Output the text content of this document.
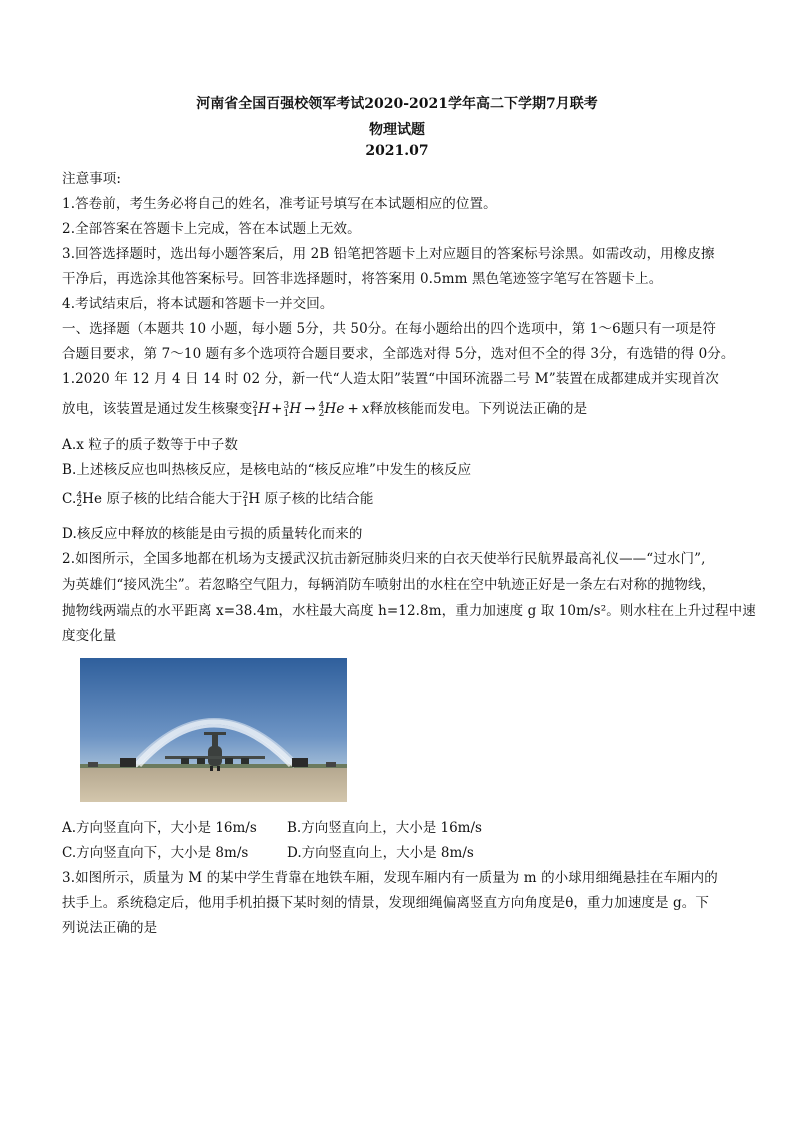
河南省全国百强校领军考试2020-2021学年高二下学期7月联考
物理试题
2021.07
注意事项:
1.答卷前，考生务必将自己的姓名，准考证号填写在本试题相应的位置。
2.全部答案在答题卡上完成，答在本试题上无效。
3.回答选择题时，选出每小题答案后，用 2B 铅笔把答题卡上对应题目的答案标号涂黑。如需改动，用橡皮擦
干净后，再选涂其他答案标号。回答非选择题时，将答案用 0.5mm 黑色笔迹签字笔写在答题卡上。
4.考试结束后，将本试题和答题卡一并交回。
一、选择题（本题共 10 小题，每小题 5分，共 50分。在每小题给出的四个选项中，第 1～6题只有一项是符
合题目要求，第 7～10 题有多个选项符合题目要求，全部选对得 5分，选对但不全的得 3分，有选错的得 0分。
1.2020 年 12 月 4 日 14 时 02 分，新一代“人造太阳”装置“中国环流器二号 M”装置在成都建成并实现首次
放电，该装置是通过发生核聚变2
1H+3
1H → 4
2He + x释放核能而发电。下列说法正确的是
A.x 粒子的质子数等于中子数
B.上述核反应也叫热核反应，是核电站的“核反应堆”中发生的核反应
C.4
2He 原子核的比结合能大于2
1H 原子核的比结合能
D.核反应中释放的核能是由亏损的质量转化而来的
2.如图所示，全国多地都在机场为支援武汉抗击新冠肺炎归来的白衣天使举行民航界最高礼仪——“过水门”,
为英雄们“接风洗尘”。若忽略空气阻力，每辆消防车喷射出的水柱在空中轨迹正好是一条左右对称的抛物线，
抛物线两端点的水平距离 x=38.4m，水柱最大高度 h=12.8m，重力加速度 g 取 10m/s²。则水柱在上升过程中速
度变化量
A.方向竖直向下，大小是 16m/s B.方向竖直向上，大小是 16m/s
C.方向竖直向下，大小是 8m/s	D.方向竖直向上，大小是 8m/s
3.如图所示，质量为 M 的某中学生背靠在地铁车厢，发现车厢内有一质量为 m 的小球用细绳悬挂在车厢内的
扶手上。系统稳定后，他用手机拍摄下某时刻的情景，发现细绳偏离竖直方向角度是θ，重力加速度是 g。下
列说法正确的是
